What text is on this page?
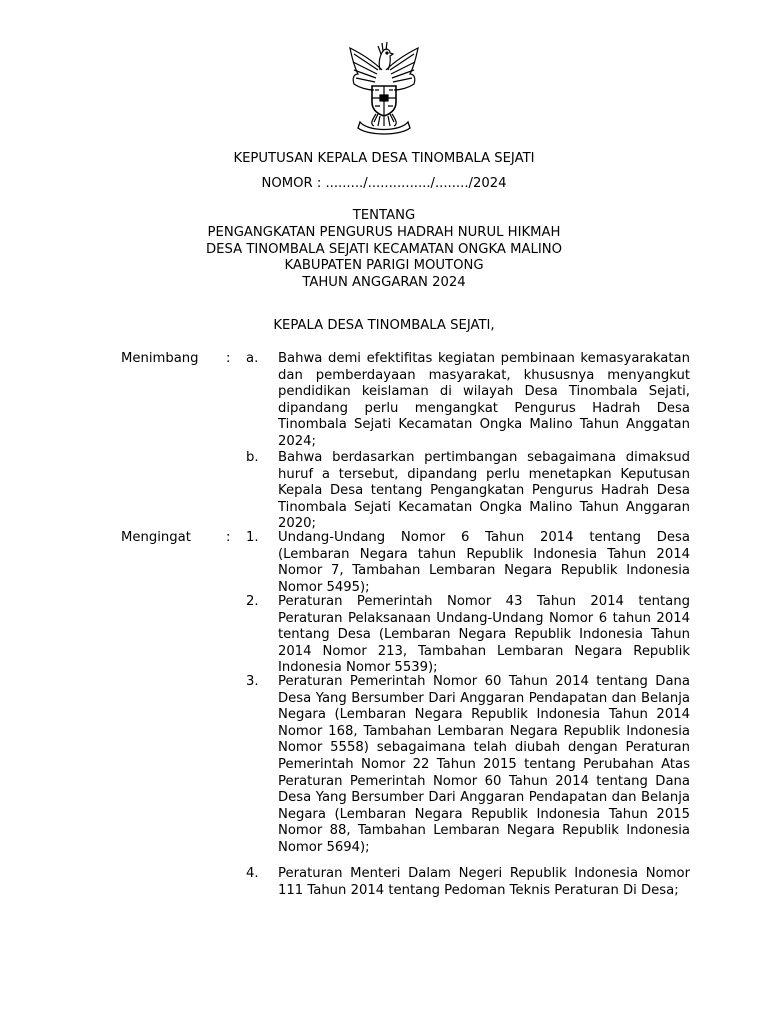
KEPUTUSAN KEPALA DESA TINOMBALA SEJATI
NOMOR : ........./.............../......../2024
TENTANG
PENGANGKATAN PENGURUS HADRAH NURUL HIKMAH
DESA TINOMBALA SEJATI KECAMATAN ONGKA MALINO
KABUPATEN PARIGI MOUTONG
TAHUN ANGGARAN 2024
KEPALA DESA TINOMBALA SEJATI,
Menimbang : a. Bahwa demi efektifitas kegiatan pembinaan kemasyarakatan dan pemberdayaan masyarakat, khususnya menyangkut pendidikan keislaman di wilayah Desa Tinombala Sejati, dipandang perlu mengangkat Pengurus Hadrah Desa Tinombala Sejati Kecamatan Ongka Malino Tahun Anggatan 2024;
b. Bahwa berdasarkan pertimbangan sebagaimana dimaksud huruf a tersebut, dipandang perlu menetapkan Keputusan Kepala Desa tentang Pengangkatan Pengurus Hadrah Desa Tinombala Sejati Kecamatan Ongka Malino Tahun Anggaran 2020;
Mengingat	: 1. Undang-Undang Nomor 6 Tahun 2014 tentang Desa (Lembaran Negara tahun Republik Indonesia Tahun 2014 Nomor 7, Tambahan Lembaran Negara Republik Indonesia Nomor 5495);
2. Peraturan Pemerintah Nomor 43 Tahun 2014 tentang Peraturan Pelaksanaan Undang-Undang Nomor 6 tahun 2014 tentang Desa (Lembaran Negara Republik Indonesia Tahun 2014 Nomor 213, Tambahan Lembaran Negara Republik Indonesia Nomor 5539);
3. Peraturan Pemerintah Nomor 60 Tahun 2014 tentang Dana Desa Yang Bersumber Dari Anggaran Pendapatan dan Belanja Negara (Lembaran Negara Republik Indonesia Tahun 2014 Nomor 168, Tambahan Lembaran Negara Republik Indonesia Nomor 5558) sebagaimana telah diubah dengan Peraturan Pemerintah Nomor 22 Tahun 2015 tentang Perubahan Atas Peraturan Pemerintah Nomor 60 Tahun 2014 tentang Dana Desa Yang Bersumber Dari Anggaran Pendapatan dan Belanja Negara (Lembaran Negara Republik Indonesia Tahun 2015 Nomor 88, Tambahan Lembaran Negara Republik Indonesia Nomor 5694);
4. Peraturan Menteri Dalam Negeri Republik Indonesia Nomor 111 Tahun 2014 tentang Pedoman Teknis Peraturan Di Desa;
